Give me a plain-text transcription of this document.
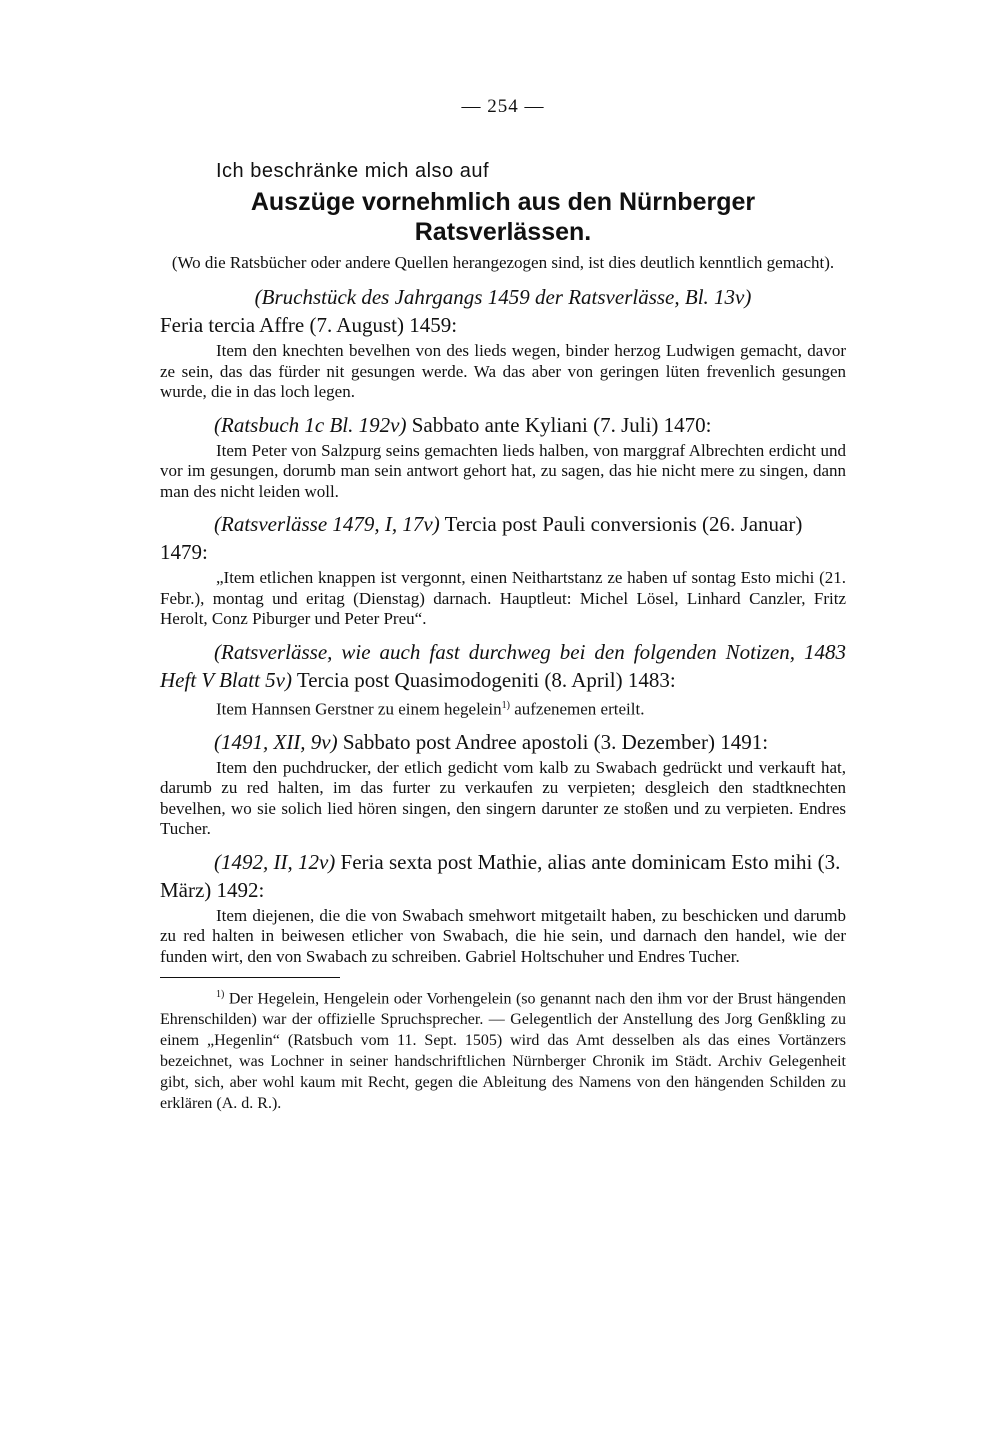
— 254 —
Ich beschränke mich also auf
Auszüge vornehmlich aus den Nürnberger Ratsverlässen.
(Wo die Ratsbücher oder andere Quellen herangezogen sind, ist dies deutlich kenntlich gemacht).

(Bruchstück des Jahrgangs 1459 der Ratsverlässe, Bl. 13v)

Feria tercia Affre (7. August) 1459:

Item den knechten bevelhen von des lieds wegen, binder herzog Ludwigen gemacht, davor ze sein, das das fürder nit gesungen werde. Wa das aber von geringen lüten frevenlich gesungen wurde, die in das loch legen.

(Ratsbuch 1c Bl. 192v) Sabbato ante Kyliani (7. Juli) 1470:

Item Peter von Salzpurg seins gemachten lieds halben, von marggraf Albrechten erdicht und vor im gesungen, dorumb man sein antwort gehort hat, zu sagen, das hie nicht mere zu singen, dann man des nicht leiden woll.

(Ratsverlässe 1479, I, 17v) Tercia post Pauli conversionis (26. Januar) 1479:

„Item etlichen knappen ist vergonnt, einen Neithartstanz ze haben uf sontag Esto michi (21. Febr.), montag und eritag (Dienstag) darnach. Hauptleut: Michel Lösel, Linhard Canzler, Fritz Herolt, Conz Piburger und Peter Preu“.

(Ratsverlässe, wie auch fast durchweg bei den folgenden Notizen, 1483 Heft V Blatt 5v) Tercia post Quasimodogeniti (8. April) 1483:

Item Hannsen Gerstner zu einem hegelein$^{1)}$ aufzenemen erteilt.

(1491, XII, 9v) Sabbato post Andree apostoli (3. Dezember) 1491:

Item den puchdrucker, der etlich gedicht vom kalb zu Swabach gedrückt und verkauft hat, darumb zu red halten, im das furter zu verkaufen zu verpieten; desgleich den stadtknechten bevelhen, wo sie solich lied hören singen, den singern darunter ze stoßen und zu verpieten. Endres Tucher.

(1492, II, 12v) Feria sexta post Mathie, alias ante dominicam Esto mihi (3. März) 1492:

Item diejenen, die die von Swabach smehwort mitgetailt haben, zu beschicken und darumb zu red halten in beiwesen etlicher von Swabach, die hie sein, und darnach den handel, wie der funden wirt, den von Swabach zu schreiben. Gabriel Holtschuher und Endres Tucher.

$^{1)}$ Der Hegelein, Hengelein oder Vorhengelein (so genannt nach den ihm vor der Brust hängenden Ehrenschilden) war der offizielle Spruchsprecher. — Gelegentlich der Anstellung des Jorg Genßkling zu einem „Hegenlin“ (Ratsbuch vom 11. Sept. 1505) wird das Amt desselben als das eines Vortänzers bezeichnet, was Lochner in seiner handschriftlichen Nürnberger Chronik im Städt. Archiv Gelegenheit gibt, sich, aber wohl kaum mit Recht, gegen die Ableitung des Namens von den hängenden Schilden zu erklären (A. d. R.).
